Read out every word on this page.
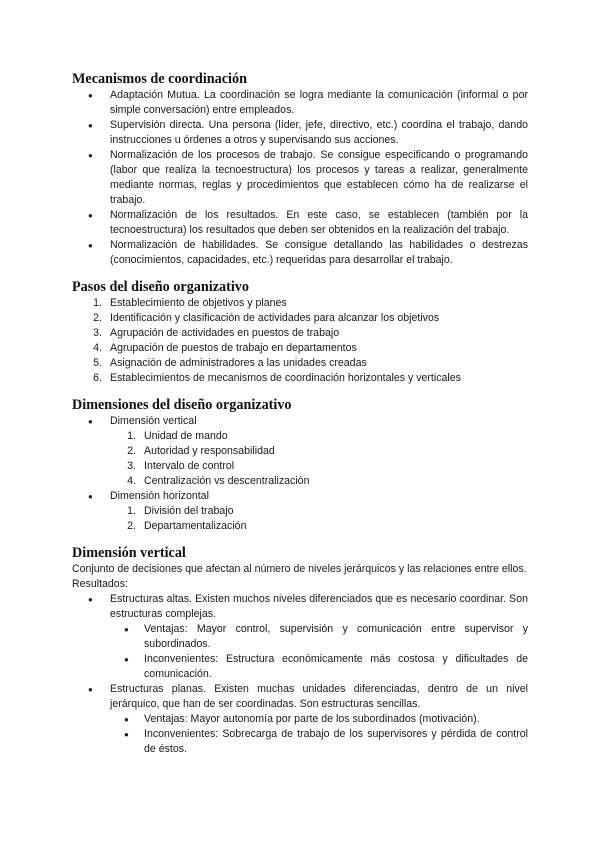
Mecanismos de coordinación
● Adaptación Mutua. La coordinación se logra mediante la comunicación (informal o por simple conversación) entre empleados.
● Supervisión directa. Una persona (líder, jefe, directivo, etc.) coordina el trabajo, dando instrucciones u órdenes a otros y supervisando sus acciones.
● Normalización de los procesos de trabajo. Se consigue especificando o programando (labor que realiza la tecnoestructura) los procesos y tareas a realizar, generalmente mediante normas, reglas y procedimientos que establecen cómo ha de realizarse el trabajo.
● Normalización de los resultados. En este caso, se establecen (también por la tecnoestructura) los resultados que deben ser obtenidos en la realización del trabajo.
● Normalización de habilidades. Se consigue detallando las habilidades o destrezas (conocimientos, capacidades, etc.) requeridas para desarrollar el trabajo.
Pasos del diseño organizativo
1. Establecimiento de objetivos y planes
2. Identificación y clasificación de actividades para alcanzar los objetivos
3. Agrupación de actividades en puestos de trabajo
4. Agrupación de puestos de trabajo en departamentos
5. Asignación de administradores a las unidades creadas
6. Establecimientos de mecanismos de coordinación horizontales y verticales
Dimensiones del diseño organizativo
● Dimensión vertical
1. Unidad de mando
2. Autoridad y responsabilidad
3. Intervalo de control
4. Centralización vs descentralización
● Dimensión horizontal
1. División del trabajo
2. Departamentalización
Dimensión vertical

Conjunto de decisiones que afectan al número de niveles jerárquicos y las relaciones entre ellos.

Resultados:

● Estructuras altas. Existen muchos niveles diferenciados que es necesario coordinar. Son estructuras complejas.
● Ventajas: Mayor control, supervisión y comunicación entre supervisor y subordinados.
● Inconvenientes: Estructura económicamente más costosa y dificultades de comunicación.
● Estructuras planas. Existen muchas unidades diferenciadas, dentro de un nivel jerárquico, que han de ser coordinadas. Son estructuras sencillas.
● Ventajas: Mayor autonomía por parte de los subordinados (motivación).
● Inconvenientes: Sobrecarga de trabajo de los supervisores y pérdida de control de éstos.
